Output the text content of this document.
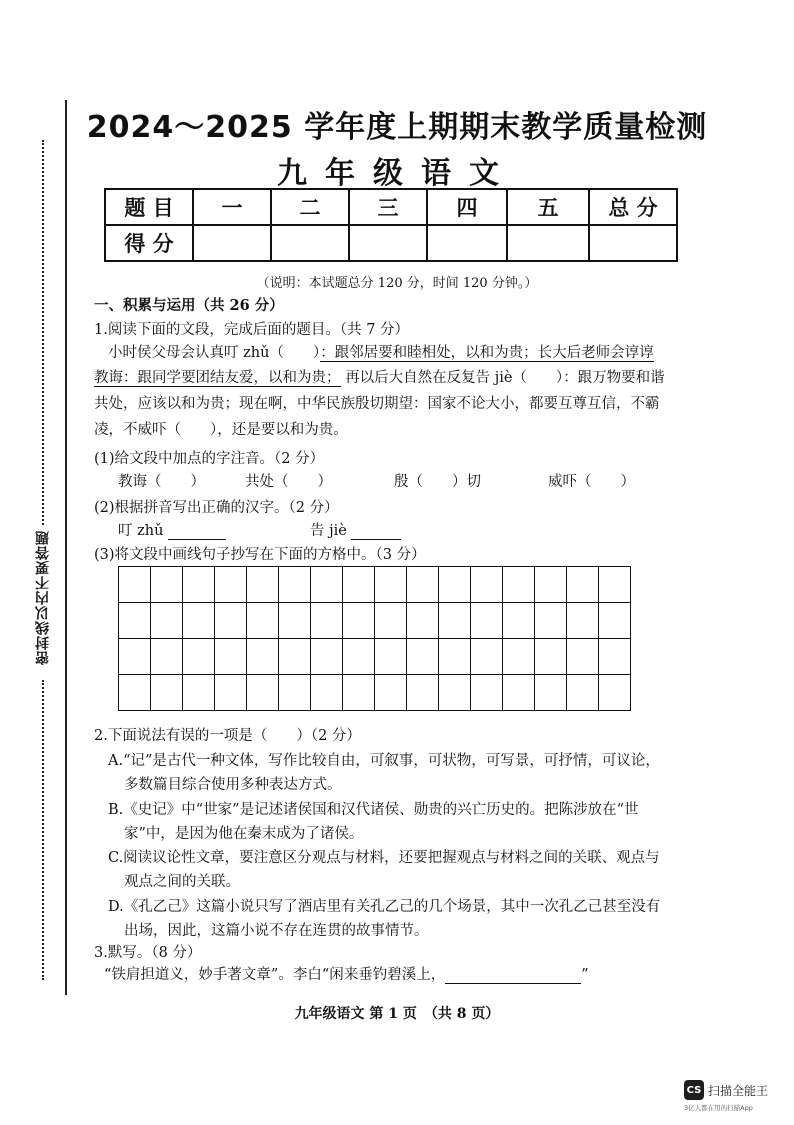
密封线以内不要答题
2024～2025 学年度上期期末教学质量检测
九年级语文
题 目	一	二	三	四	五	总 分
得 分						
（说明：本试题总分 120 分，时间 120 分钟。）
一、积累与运用（共 26 分）
1.阅读下面的文段，完成后面的题目。（共 7 分）
小时侯父母会认真叮 zhǔ（　　）：跟邻居要和睦相处，以和为贵；长大后老师会谆谆
教诲：跟同学要团结友爱，以和为贵； 再以后大自然在反复告 jiè（　　）：跟万物要和谐
共处，应该以和为贵；现在啊，中华民族殷切期望：国家不论大小，都要互尊互信，不霸
凌，不威吓（　　），还是要以和为贵。
(1)给文段中加点的字注音。（2 分）
教诲（　　）	共处（　　）	殷（　　）切	威吓（　　）
(2)根据拼音写出正确的汉字。（2 分）
叮 zhǔ	告 jiè
(3)将文段中画线句子抄写在下面的方格中。（3 分）

2.下面说法有误的一项是（　　）（2 分）
A.“记”是古代一种文体，写作比较自由，可叙事，可状物，可写景，可抒情，可议论，
多数篇目综合使用多种表达方式。
B.《史记》中“世家”是记述诸侯国和汉代诸侯、勋贵的兴亡历史的。把陈涉放在“世
家”中，是因为他在秦末成为了诸侯。
C.阅读议论性文章，要注意区分观点与材料，还要把握观点与材料之间的关联、观点与
观点之间的关联。
D.《孔乙己》这篇小说只写了酒店里有关孔乙己的几个场景，其中一次孔乙己甚至没有
出场，因此，这篇小说不存在连贯的故事情节。
3.默写。（8 分）
“铁肩担道义，妙手著文章”。李白“闲来垂钓碧溪上，	”
九年级语文 第 1 页　（共 8 页）
CS 扫描全能王
3亿人都在用的扫描App
